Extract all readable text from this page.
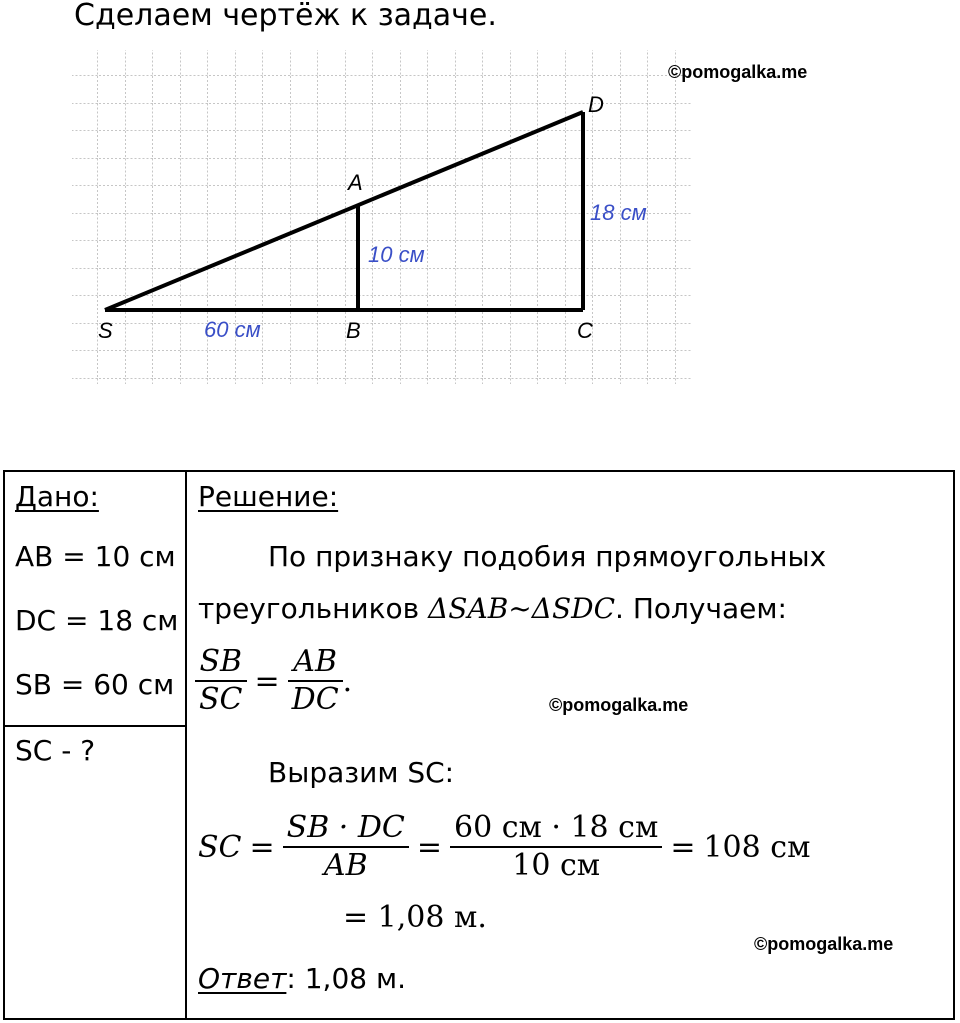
Сделаем чертёж к задаче.
S	B	C
A
D
60 см
10 см
18 см
©pomogalka.me
Дано:
AB = 10 см
DC = 18 см
SB = 60 см
SC - ?
Решение:
По признаку подобия прямоугольных
треугольников ΔSAB~ΔSDC. Получаем:
$\frac{SB}{SC} = \frac{AB}{DC}$ .
Выразим SC:
SC = $\frac{SB \cdot DC}{AB} = \frac{60 см \cdot 18 см}{10 см} = 108$ см
= 1,08 м.
Ответ: 1,08 м.
©pomogalka.me
©pomogalka.me
